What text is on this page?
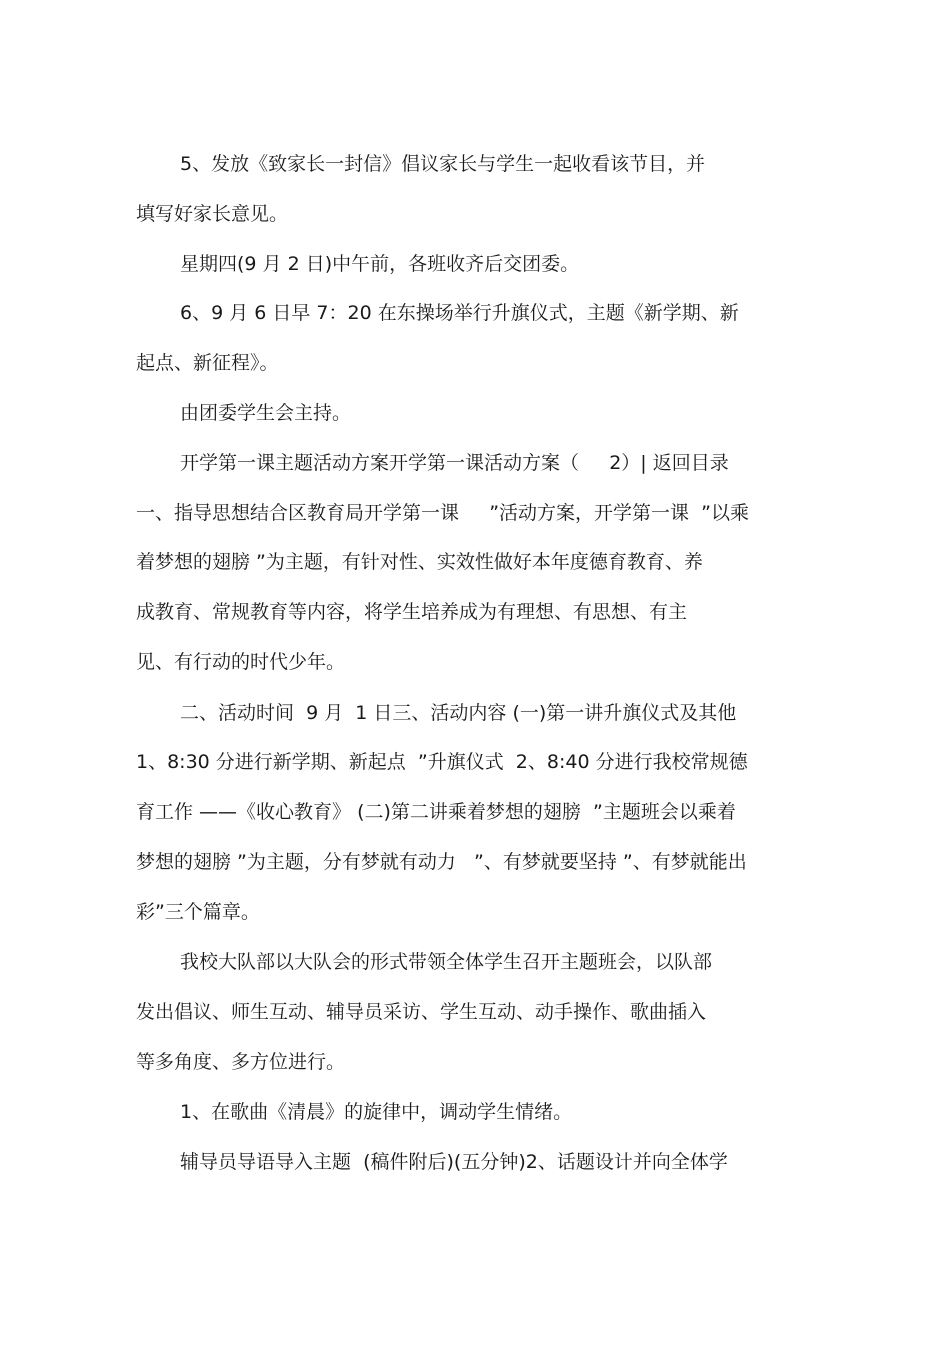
5、发放《致家长一封信》倡议家长与学生一起收看该节目，并
填写好家长意见。
星期四(9 月 2 日)中午前，各班收齐后交团委。
6、9 月 6 日早 7：20 在东操场举行升旗仪式，主题《新学期、新
起点、新征程》。
由团委学生会主持。
开学第一课主题活动方案开学第一课活动方案（     2）| 返回目录
一、指导思想结合区教育局开学第一课     ”活动方案，开学第一课  ”以乘
着梦想的翅膀 ”为主题，有针对性、实效性做好本年度德育教育、养
成教育、常规教育等内容，将学生培养成为有理想、有思想、有主
见、有行动的时代少年。
二、活动时间  9 月  1 日三、活动内容 (一)第一讲升旗仪式及其他
1、8:30 分进行新学期、新起点  ”升旗仪式  2、8:40 分进行我校常规德
育工作 ——《收心教育》 (二)第二讲乘着梦想的翅膀  ”主题班会以乘着
梦想的翅膀 ”为主题，分有梦就有动力   ”、有梦就要坚持 ”、有梦就能出
彩”三个篇章。
我校大队部以大队会的形式带领全体学生召开主题班会，以队部
发出倡议、师生互动、辅导员采访、学生互动、动手操作、歌曲插入
等多角度、多方位进行。
1、在歌曲《清晨》的旋律中，调动学生情绪。
辅导员导语导入主题  (稿件附后)(五分钟)2、话题设计并向全体学
